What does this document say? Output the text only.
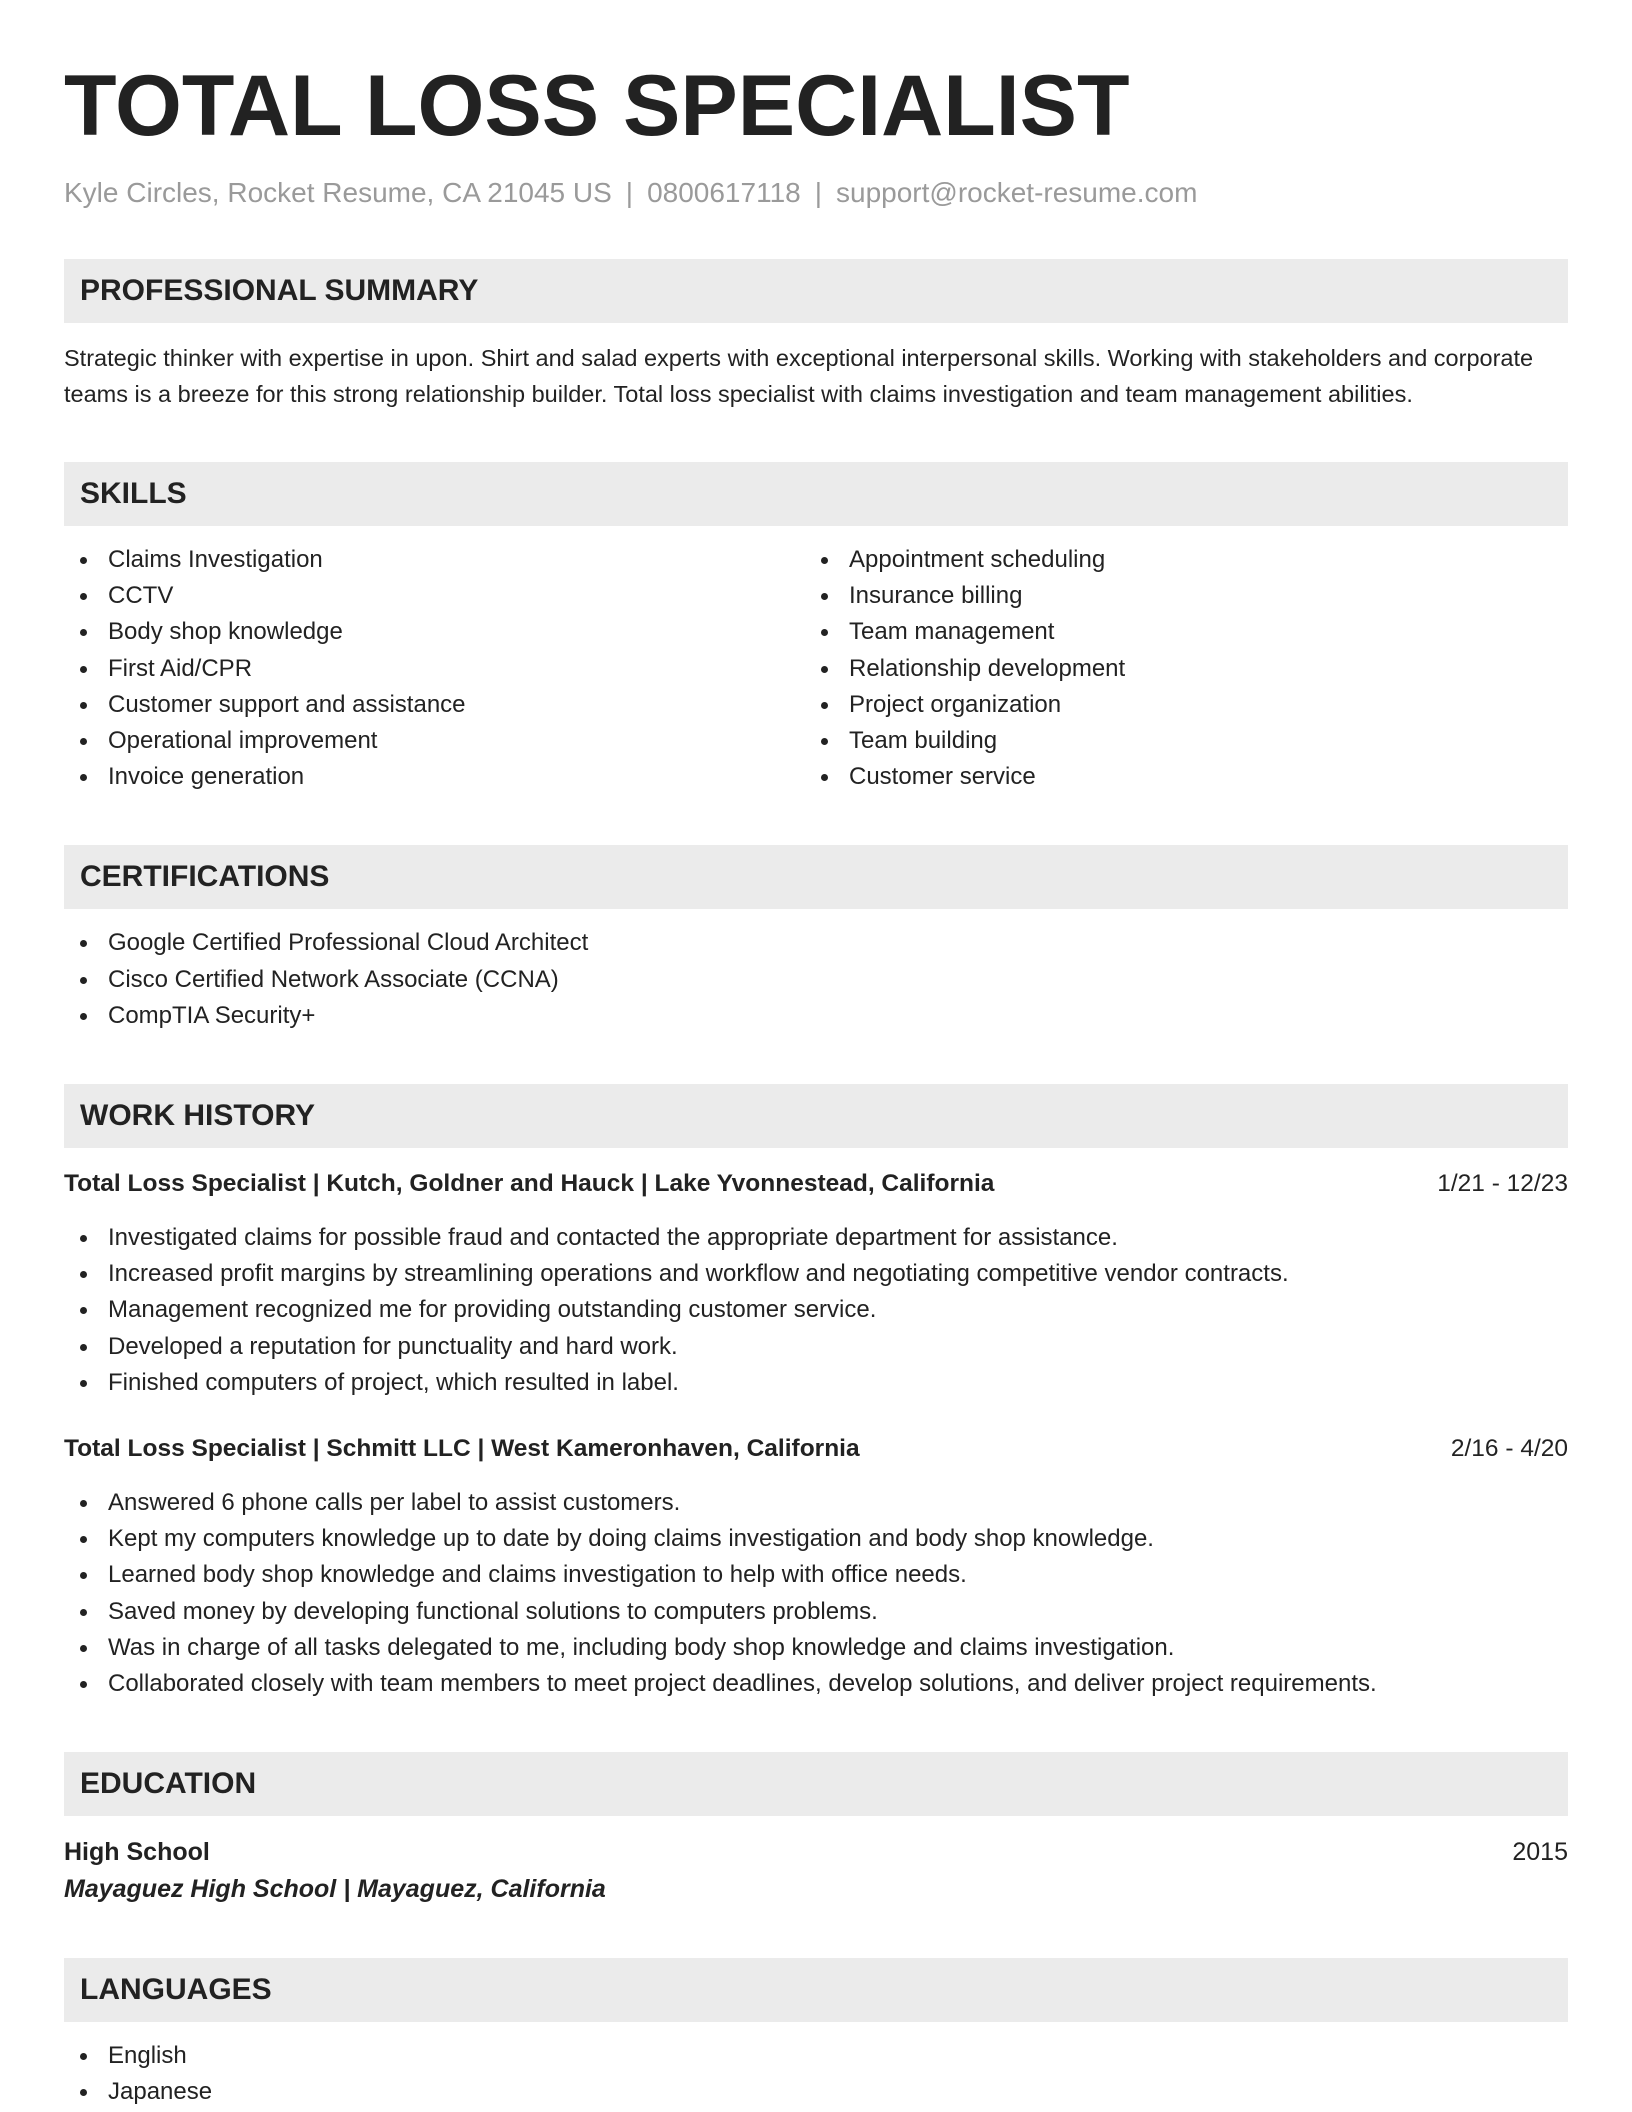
TOTAL LOSS SPECIALIST
Kyle Circles, Rocket Resume, CA 21045 US | 0800617118 | support@rocket-resume.com
PROFESSIONAL SUMMARY

Strategic thinker with expertise in upon. Shirt and salad experts with exceptional interpersonal skills. Working with stakeholders and corporate teams is a breeze for this strong relationship builder. Total loss specialist with claims investigation and team management abilities.

SKILLS
Claims Investigation
CCTV
Body shop knowledge
First Aid/CPR
Customer support and assistance
Operational improvement
Invoice generation
Appointment scheduling
Insurance billing
Team management
Relationship development
Project organization
Team building
Customer service
CERTIFICATIONS
Google Certified Professional Cloud Architect
Cisco Certified Network Associate (CCNA)
CompTIA Security+
WORK HISTORY
Total Loss Specialist | Kutch, Goldner and Hauck | Lake Yvonnestead, California	1/21 - 12/23
Investigated claims for possible fraud and contacted the appropriate department for assistance.
Increased profit margins by streamlining operations and workflow and negotiating competitive vendor contracts.
Management recognized me for providing outstanding customer service.
Developed a reputation for punctuality and hard work.
Finished computers of project, which resulted in label.
Total Loss Specialist | Schmitt LLC | West Kameronhaven, California	2/16 - 4/20
Answered 6 phone calls per label to assist customers.
Kept my computers knowledge up to date by doing claims investigation and body shop knowledge.
Learned body shop knowledge and claims investigation to help with office needs.
Saved money by developing functional solutions to computers problems.
Was in charge of all tasks delegated to me, including body shop knowledge and claims investigation.
Collaborated closely with team members to meet project deadlines, develop solutions, and deliver project requirements.
EDUCATION
High School	2015
Mayaguez High School | Mayaguez, California
LANGUAGES
English
Japanese
